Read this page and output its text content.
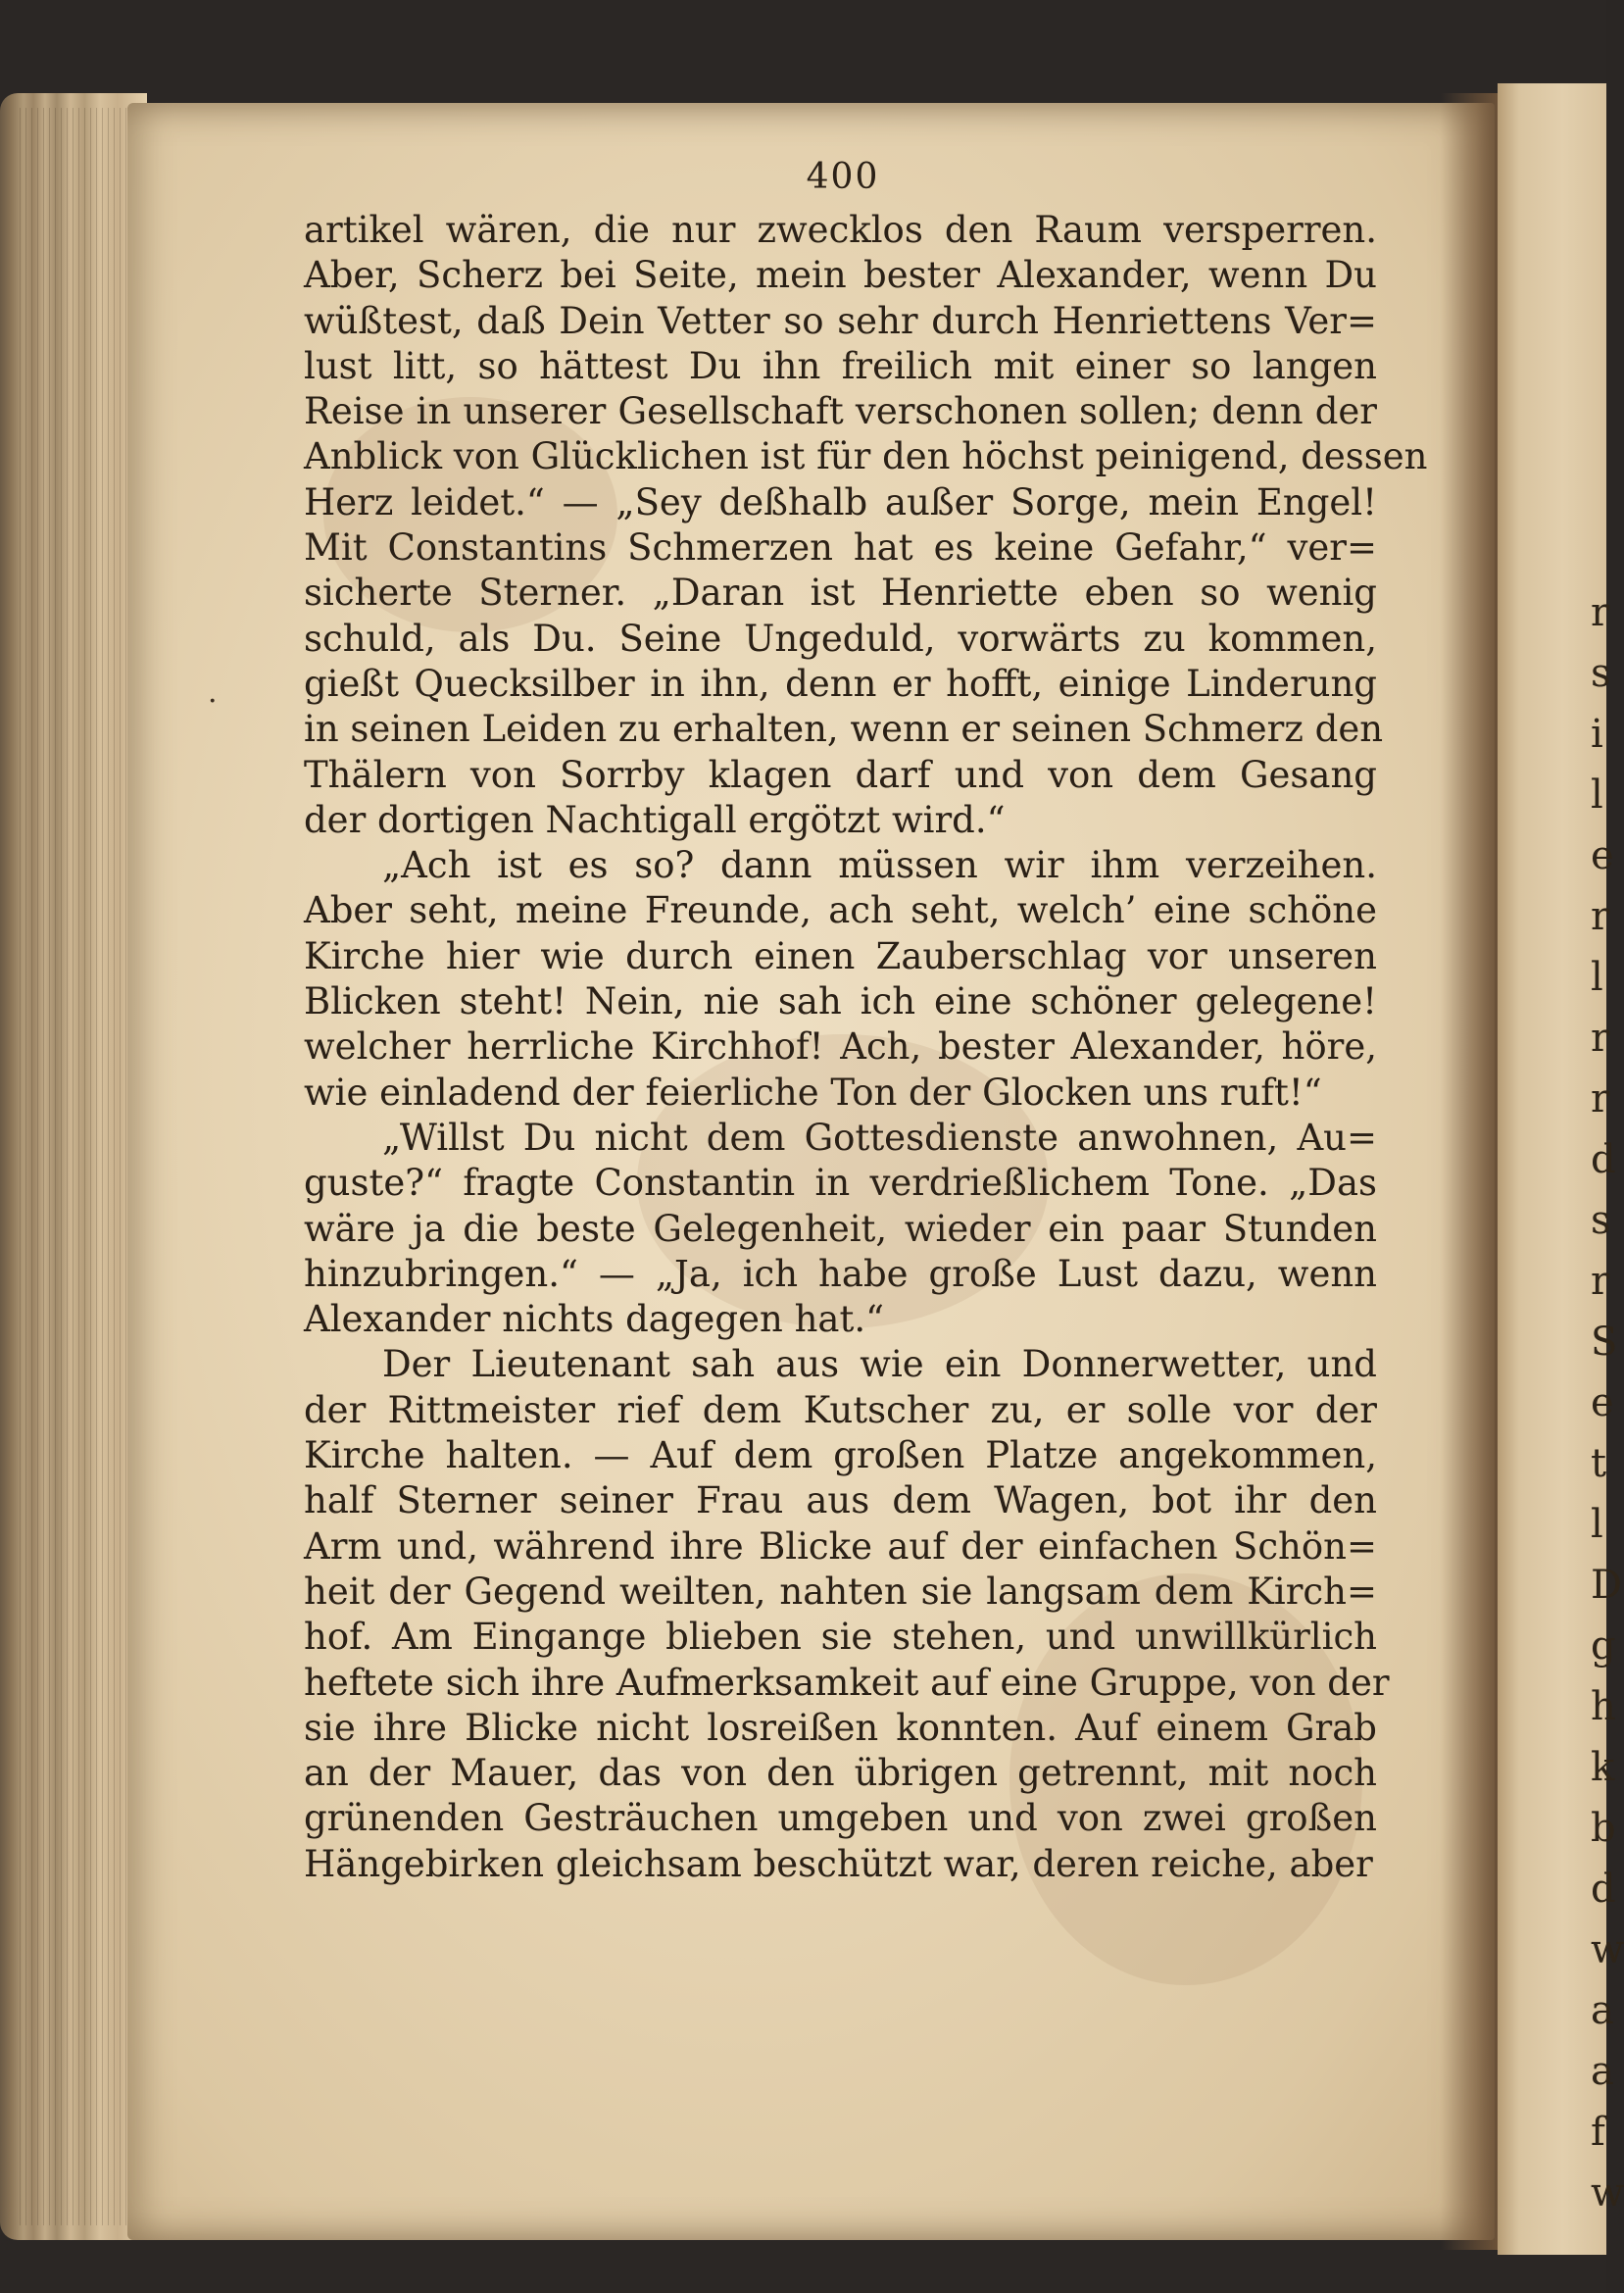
r
s
i
l
e
r
l
r
r
d
s
r
S
e
t
l
D
g
h
k
b
d
w
a
a
f
w
400
·
artikel wären, die nur zwecklos den Raum versperren.
Aber, Scherz bei Seite, mein bester Alexander, wenn Du
wüßtest, daß Dein Vetter so sehr durch Henriettens Ver=
lust litt, so hättest Du ihn freilich mit einer so langen
Reise in unserer Gesellschaft verschonen sollen; denn der
Anblick von Glücklichen ist für den höchst peinigend, dessen
Herz leidet.“ — „Sey deßhalb außer Sorge, mein Engel!
Mit Constantins Schmerzen hat es keine Gefahr,“ ver=
sicherte Sterner. „Daran ist Henriette eben so wenig
schuld, als Du. Seine Ungeduld, vorwärts zu kommen,
gießt Quecksilber in ihn, denn er hofft, einige Linderung
in seinen Leiden zu erhalten, wenn er seinen Schmerz den
Thälern von Sorrby klagen darf und von dem Gesang
der dortigen Nachtigall ergötzt wird.“
„Ach ist es so? dann müssen wir ihm verzeihen.
Aber seht, meine Freunde, ach seht, welch’ eine schöne
Kirche hier wie durch einen Zauberschlag vor unseren
Blicken steht! Nein, nie sah ich eine schöner gelegene!
welcher herrliche Kirchhof! Ach, bester Alexander, höre,
wie einladend der feierliche Ton der Glocken uns ruft!“
„Willst Du nicht dem Gottesdienste anwohnen, Au=
guste?“ fragte Constantin in verdrießlichem Tone. „Das
wäre ja die beste Gelegenheit, wieder ein paar Stunden
hinzubringen.“ — „Ja, ich habe große Lust dazu, wenn
Alexander nichts dagegen hat.“
Der Lieutenant sah aus wie ein Donnerwetter, und
der Rittmeister rief dem Kutscher zu, er solle vor der
Kirche halten. — Auf dem großen Platze angekommen,
half Sterner seiner Frau aus dem Wagen, bot ihr den
Arm und, während ihre Blicke auf der einfachen Schön=
heit der Gegend weilten, nahten sie langsam dem Kirch=
hof. Am Eingange blieben sie stehen, und unwillkürlich
heftete sich ihre Aufmerksamkeit auf eine Gruppe, von der
sie ihre Blicke nicht losreißen konnten. Auf einem Grab
an der Mauer, das von den übrigen getrennt, mit noch
grünenden Gesträuchen umgeben und von zwei großen
Hängebirken gleichsam beschützt war, deren reiche, aber
